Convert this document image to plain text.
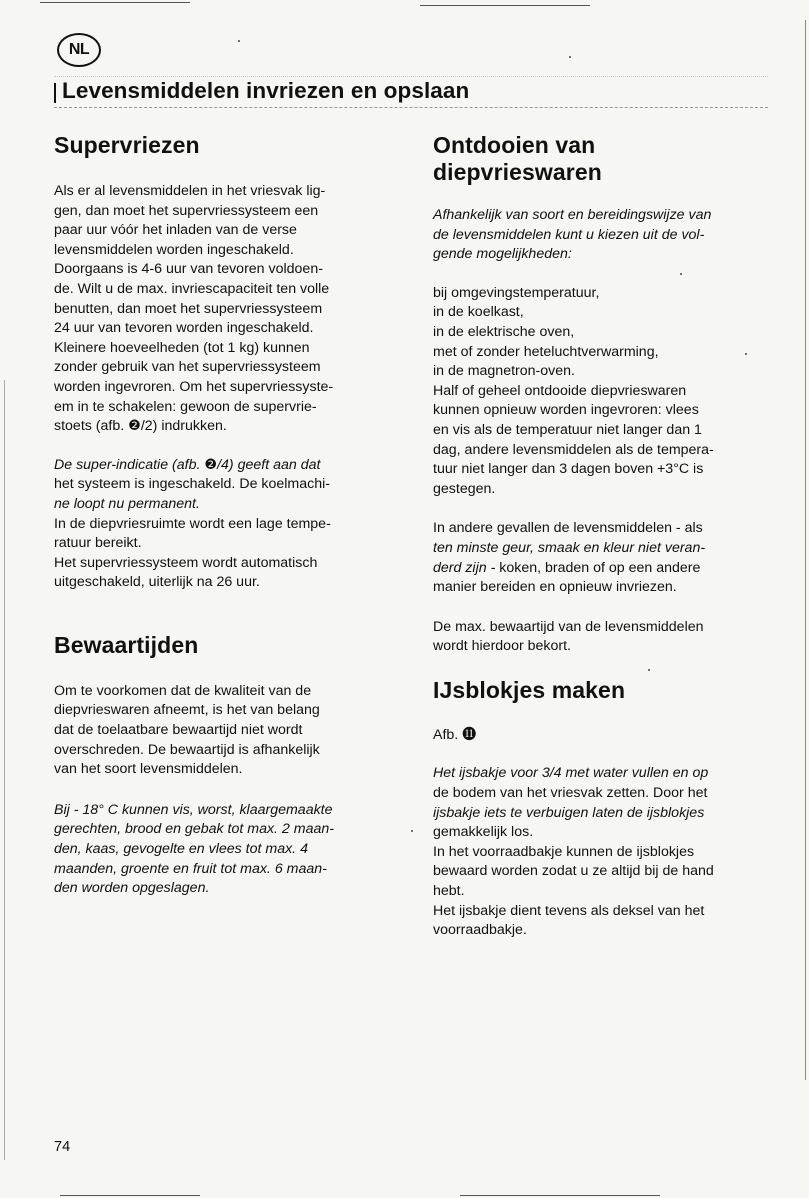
NL
Levensmiddelen invriezen en opslaan
Supervriezen

Als er al levensmiddelen in het vriesvak lig-
gen, dan moet het supervriessysteem een
paar uur vóór het inladen van de verse
levensmiddelen worden ingeschakeld.
Doorgaans is 4-6 uur van tevoren voldoen-
de. Wilt u de max. invriescapaciteit ten volle
benutten, dan moet het supervriessysteem
24 uur van tevoren worden ingeschakeld.
Kleinere hoeveelheden (tot 1 kg) kunnen
zonder gebruik van het supervriessysteem
worden ingevroren. Om het supervriessyste-
em in te schakelen: gewoon de supervrie-
stoets (afb. ❷/2) indrukken.

De super-indicatie (afb. ❷/4) geeft aan dat
het systeem is ingeschakeld. De koelmachi-
ne loopt nu permanent.
In de diepvriesruimte wordt een lage tempe-
ratuur bereikt.
Het supervriessysteem wordt automatisch
uitgeschakeld, uiterlijk na 26 uur.

Bewaartijden

Om te voorkomen dat de kwaliteit van de
diepvrieswaren afneemt, is het van belang
dat de toelaatbare bewaartijd niet wordt
overschreden. De bewaartijd is afhankelijk
van het soort levensmiddelen.

Bij - 18° C kunnen vis, worst, klaargemaakte
gerechten, brood en gebak tot max. 2 maan-
den, kaas, gevogelte en vlees tot max. 4
maanden, groente en fruit tot max. 6 maan-
den worden opgeslagen.

Ontdooien van
diepvrieswaren

Afhankelijk van soort en bereidingswijze van
de levensmiddelen kunt u kiezen uit de vol-
gende mogelijkheden:

bij omgevingstemperatuur,
in de koelkast,
in de elektrische oven,
met of zonder heteluchtverwarming,
in de magnetron-oven.
Half of geheel ontdooide diepvrieswaren
kunnen opnieuw worden ingevroren: vlees
en vis als de temperatuur niet langer dan 1
dag, andere levensmiddelen als de tempera-
tuur niet langer dan 3 dagen boven +3°C is
gestegen.

In andere gevallen de levensmiddelen - als
ten minste geur, smaak en kleur niet veran-
derd zijn - koken, braden of op een andere
manier bereiden en opnieuw invriezen.

De max. bewaartijd van de levensmiddelen
wordt hierdoor bekort.

IJsblokjes maken

Afb. ⓫

Het ijsbakje voor 3/4 met water vullen en op
de bodem van het vriesvak zetten. Door het
ijsbakje iets te verbuigen laten de ijsblokjes
gemakkelijk los.
In het voorraadbakje kunnen de ijsblokjes
bewaard worden zodat u ze altijd bij de hand
hebt.
Het ijsbakje dient tevens als deksel van het
voorraadbakje.

74
